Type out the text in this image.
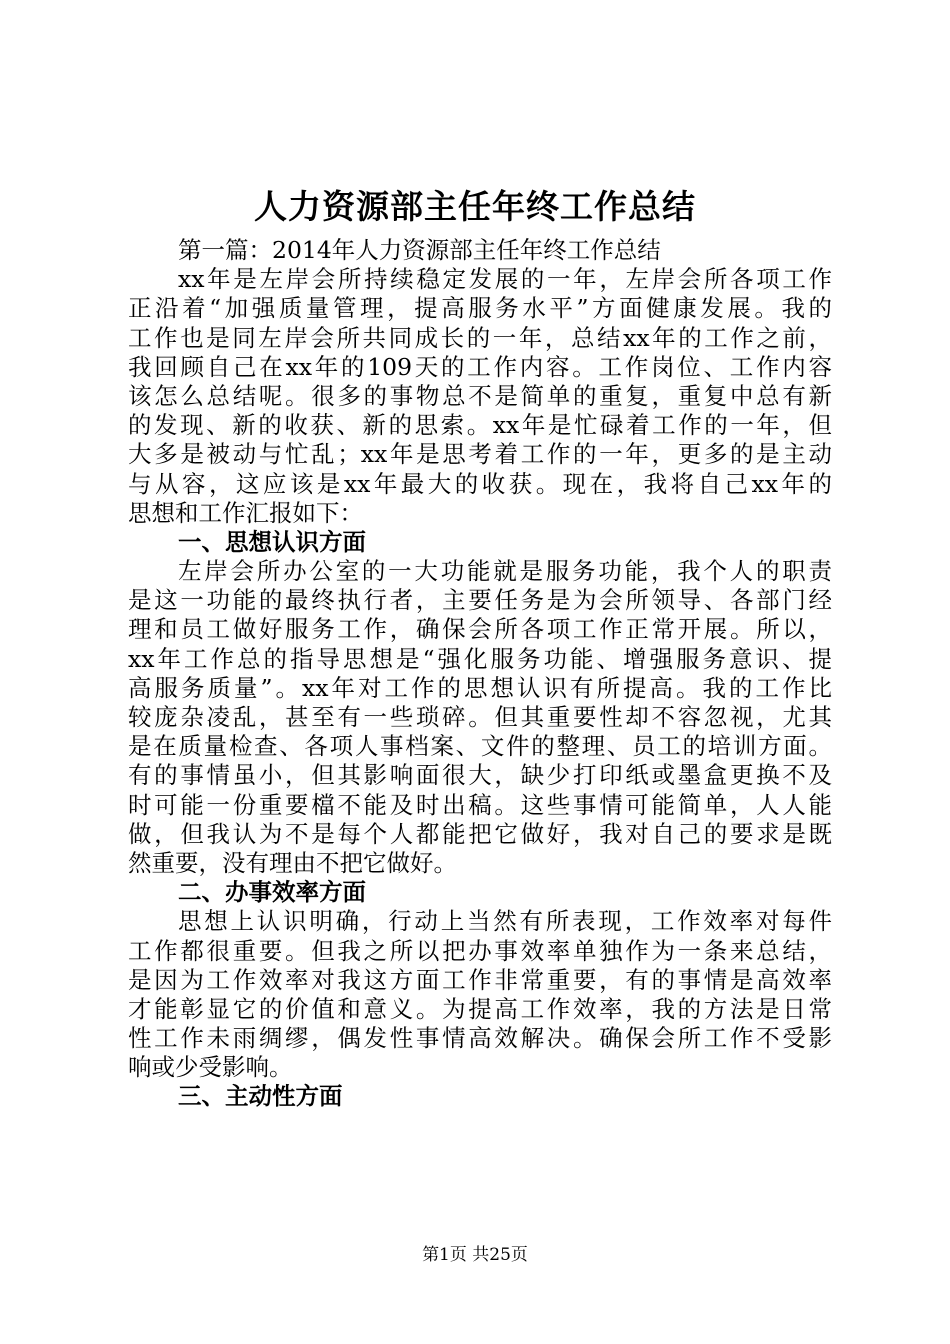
人力资源部主任年终工作总结
第一篇：2014年人力资源部主任年终工作总结
xx年是左岸会所持续稳定发展的一年，左岸会所各项工作
正沿着“加强质量管理，提高服务水平”方面健康发展。我的
工作也是同左岸会所共同成长的一年，总结xx年的工作之前，
我回顾自己在xx年的109天的工作内容。工作岗位、工作内容
该怎么总结呢。很多的事物总不是简单的重复，重复中总有新
的发现、新的收获、新的思索。xx年是忙碌着工作的一年，但
大多是被动与忙乱；xx年是思考着工作的一年，更多的是主动
与从容，这应该是xx年最大的收获。现在，我将自己xx年的
思想和工作汇报如下：
一、思想认识方面
左岸会所办公室的一大功能就是服务功能，我个人的职责
是这一功能的最终执行者，主要任务是为会所领导、各部门经
理和员工做好服务工作，确保会所各项工作正常开展。所以，
xx年工作总的指导思想是“强化服务功能、增强服务意识、提
高服务质量”。xx年对工作的思想认识有所提高。我的工作比
较庞杂凌乱，甚至有一些琐碎。但其重要性却不容忽视，尤其
是在质量检查、各项人事档案、文件的整理、员工的培训方面。
有的事情虽小，但其影响面很大，缺少打印纸或墨盒更换不及
时可能一份重要檔不能及时出稿。这些事情可能简单，人人能
做，但我认为不是每个人都能把它做好，我对自己的要求是既
然重要，没有理由不把它做好。
二、办事效率方面
思想上认识明确，行动上当然有所表现，工作效率对每件
工作都很重要。但我之所以把办事效率单独作为一条来总结，
是因为工作效率对我这方面工作非常重要，有的事情是高效率
才能彰显它的价值和意义。为提高工作效率，我的方法是日常
性工作未雨绸缪，偶发性事情高效解决。确保会所工作不受影
响或少受影响。
三、主动性方面
第1页 共25页
